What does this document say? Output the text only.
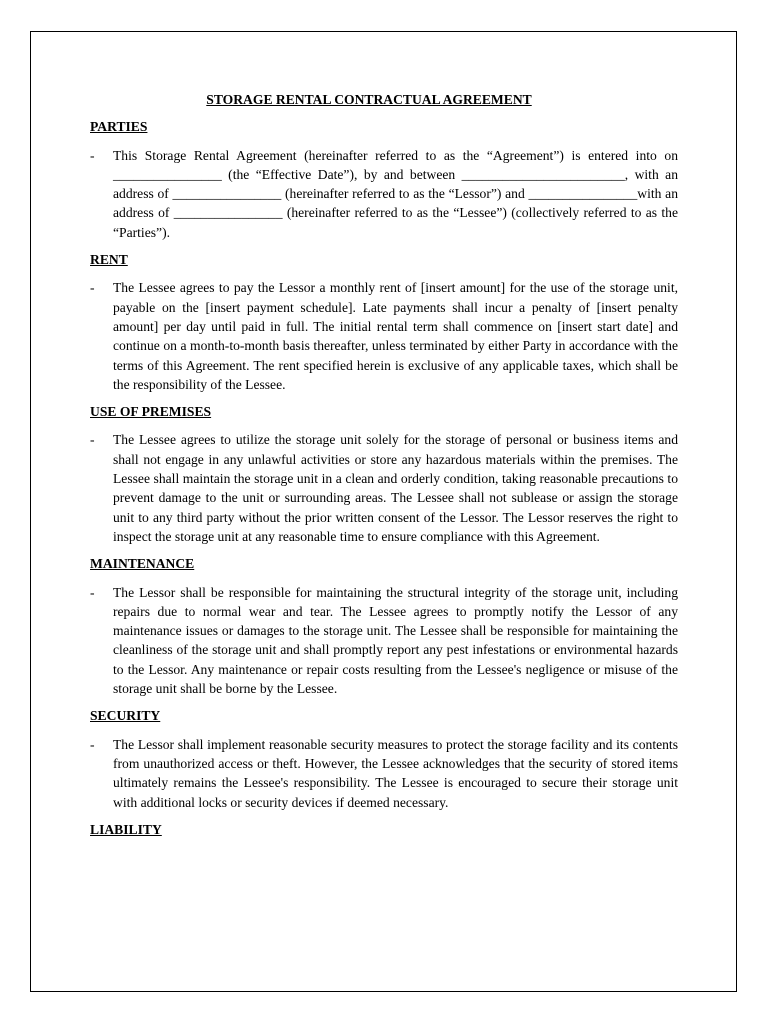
STORAGE RENTAL CONTRACTUAL AGREEMENT
PARTIES
- This Storage Rental Agreement (hereinafter referred to as the “Agreement”) is entered into on ________________ (the “Effective Date”), by and between ________________________, with an address of ________________ (hereinafter referred to as the “Lessor”) and ________________with an address of ________________ (hereinafter referred to as the “Lessee”) (collectively referred to as the “Parties”).
RENT
- The Lessee agrees to pay the Lessor a monthly rent of [insert amount] for the use of the storage unit, payable on the [insert payment schedule]. Late payments shall incur a penalty of [insert penalty amount] per day until paid in full. The initial rental term shall commence on [insert start date] and continue on a month-to-month basis thereafter, unless terminated by either Party in accordance with the terms of this Agreement. The rent specified herein is exclusive of any applicable taxes, which shall be the responsibility of the Lessee.
USE OF PREMISES
- The Lessee agrees to utilize the storage unit solely for the storage of personal or business items and shall not engage in any unlawful activities or store any hazardous materials within the premises. The Lessee shall maintain the storage unit in a clean and orderly condition, taking reasonable precautions to prevent damage to the unit or surrounding areas. The Lessee shall not sublease or assign the storage unit to any third party without the prior written consent of the Lessor. The Lessor reserves the right to inspect the storage unit at any reasonable time to ensure compliance with this Agreement.
MAINTENANCE
- The Lessor shall be responsible for maintaining the structural integrity of the storage unit, including repairs due to normal wear and tear. The Lessee agrees to promptly notify the Lessor of any maintenance issues or damages to the storage unit. The Lessee shall be responsible for maintaining the cleanliness of the storage unit and shall promptly report any pest infestations or environmental hazards to the Lessor. Any maintenance or repair costs resulting from the Lessee's negligence or misuse of the storage unit shall be borne by the Lessee.
SECURITY
- The Lessor shall implement reasonable security measures to protect the storage facility and its contents from unauthorized access or theft. However, the Lessee acknowledges that the security of stored items ultimately remains the Lessee's responsibility. The Lessee is encouraged to secure their storage unit with additional locks or security devices if deemed necessary.
LIABILITY
